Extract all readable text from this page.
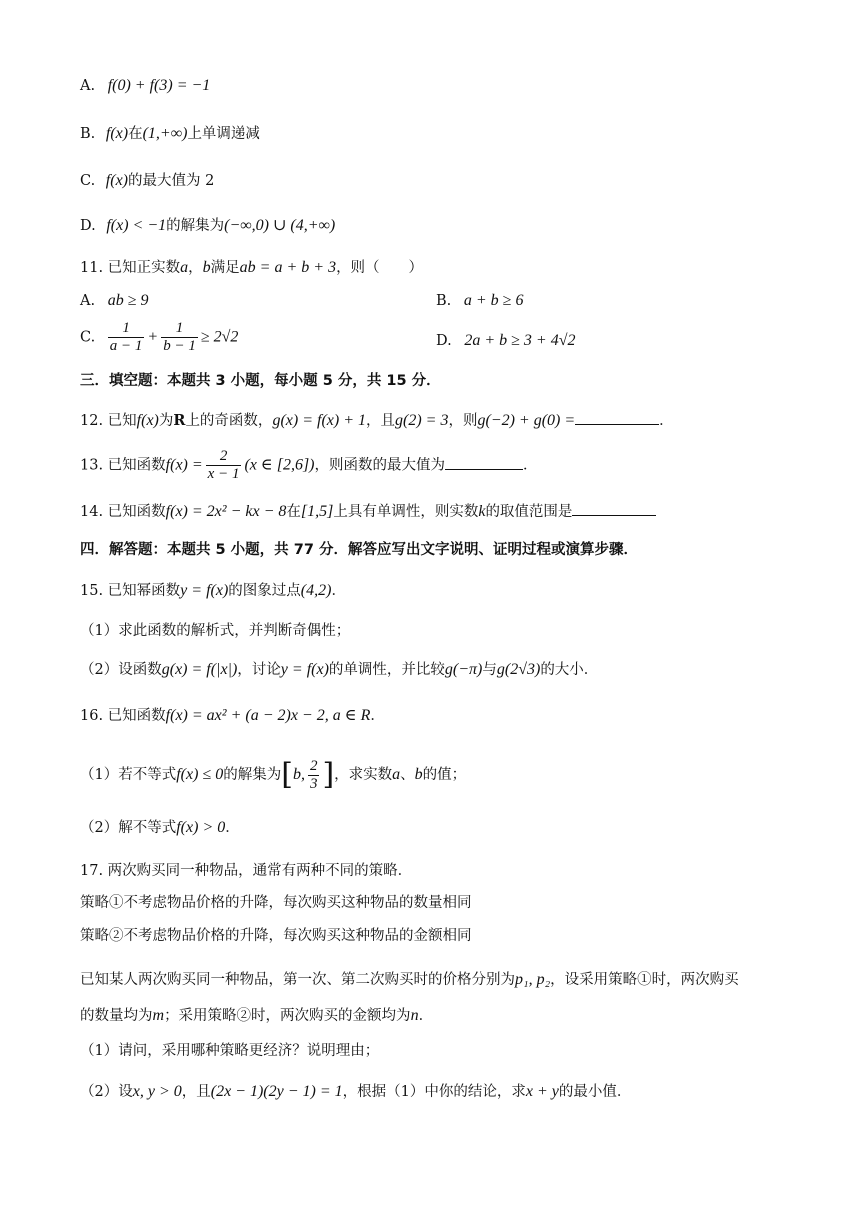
A. f(0) + f(3) = −1
B. f(x)在(1,+∞)上单调递减
C. f(x)的最大值为 2
D. f(x) < −1的解集为(−∞,0) ∪ (4,+∞)
11. 已知正实数a，b满足ab = a + b + 3，则（　　）
A. ab ≥ 9	B. a + b ≥ 6
C. $\frac{1}{a - 1} + \frac{1}{b - 1} \ge 2√2$	D. 2a + b ≥ 3 + 4√2
三．填空题：本题共 3 小题，每小题 5 分，共 15 分．
12. 已知f(x)为R上的奇函数，g(x) = f(x) + 1，且g(2) = 3，则g(−2) + g(0) =	．
13. 已知函数$f(x) = \frac{2}{x - 1} (x$ ∈ [2,6])，则函数的最大值为	．
14. 已知函数f(x) = 2x² − kx − 8在[1,5]上具有单调性，则实数k的取值范围是
四．解答题：本题共 5 小题，共 77 分．解答应写出文字说明、证明过程或演算步骤．
15. 已知幂函数y = f(x)的图象过点(4,2)．
（1）求此函数的解析式，并判断奇偶性；
（2）设函数g(x) = f(|x|)，讨论y = f(x)的单调性，并比较g(−π)与g(2√3)的大小．
16. 已知函数f(x) = ax² + (a − 2)x − 2, a ∈ R．
（1）若不等式f(x) ≤ 0的解集为[b, $\frac{2}{3}$ ]，求实数a、b的值；
（2）解不等式f(x) > 0．
17. 两次购买同一种物品，通常有两种不同的策略．
策略①不考虑物品价格的升降，每次购买这种物品的数量相同
策略②不考虑物品价格的升降，每次购买这种物品的金额相同
已知某人两次购买同一种物品，第一次、第二次购买时的价格分别为p₁, p₂，设采用策略①时，两次购买
的数量均为m；采用策略②时，两次购买的金额均为n．
（1）请问，采用哪种策略更经济？说明理由；
（2）设x, y > 0，且(2x − 1)(2y − 1) = 1，根据（1）中你的结论，求x + y的最小值．
